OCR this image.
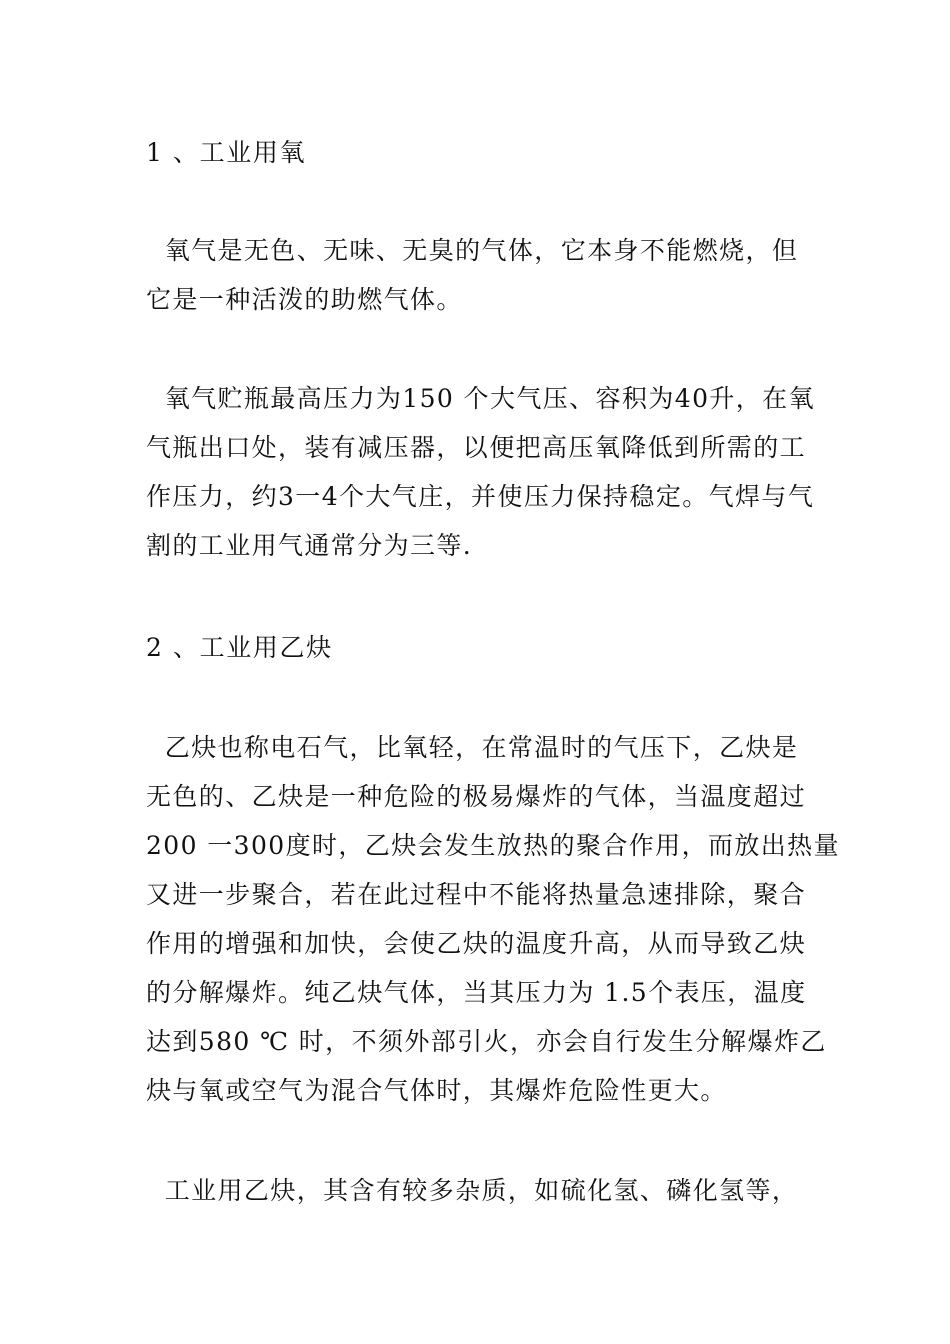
1 、工业用氧
氧气是无色、无味、无臭的气体，它本身不能燃烧，但
它是一种活泼的助燃气体。
氧气贮瓶最高压力为150 个大气压、容积为40升，在氧
气瓶出口处，装有减压器，以便把高压氧降低到所需的工
作压力，约3一4个大气庄，并使压力保持稳定。气焊与气
割的工业用气通常分为三等.
2 、工业用乙炔
乙炔也称电石气，比氧轻，在常温时的气压下，乙炔是
无色的、乙炔是一种危险的极易爆炸的气体，当温度超过
200 一300度时，乙炔会发生放热的聚合作用，而放出热量
又进一步聚合，若在此过程中不能将热量急速排除，聚合
作用的增强和加快，会使乙炔的温度升高，从而导致乙炔
的分解爆炸。纯乙炔气体，当其压力为 1.5个表压，温度
达到580 ℃ 时，不须外部引火，亦会自行发生分解爆炸乙
炔与氧或空气为混合气体时，其爆炸危险性更大。
工业用乙炔，其含有较多杂质，如硫化氢、磷化氢等，
